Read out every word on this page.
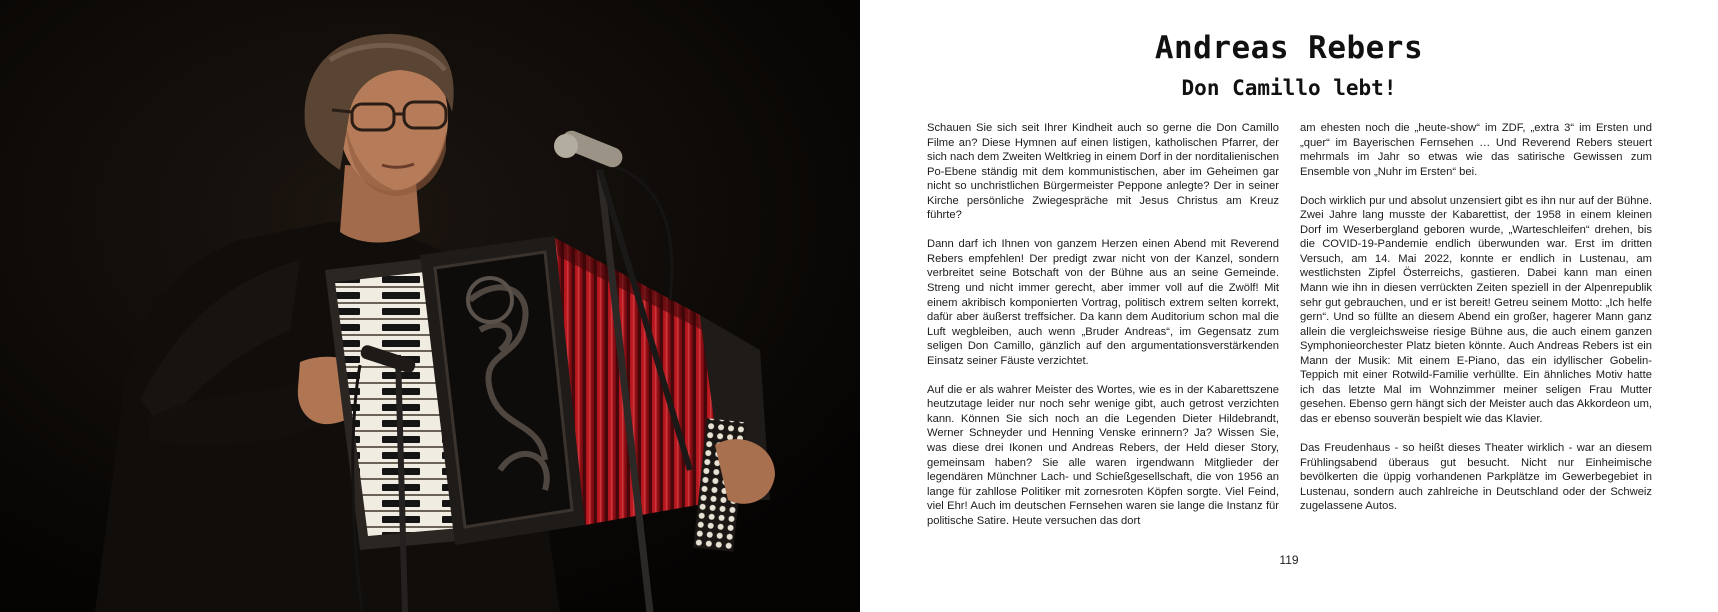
Andreas Rebers
Don Camillo lebt!

Schauen Sie sich seit Ihrer Kindheit auch so gerne die Don Camillo Filme an? Diese Hymnen auf einen listigen, katholischen Pfarrer, der sich nach dem Zweiten Weltkrieg in einem Dorf in der norditalienischen Po-Ebene ständig mit dem kommunistischen, aber im Geheimen gar nicht so unchristlichen Bürgermeister Peppone anlegte? Der in seiner Kirche persönliche Zwiegespräche mit Jesus Christus am Kreuz führte?

Dann darf ich Ihnen von ganzem Herzen einen Abend mit Reverend Rebers empfehlen! Der predigt zwar nicht von der Kanzel, sondern verbreitet seine Botschaft von der Bühne aus an seine Gemeinde. Streng und nicht immer gerecht, aber immer voll auf die Zwölf! Mit einem akribisch komponierten Vortrag, politisch extrem selten korrekt, dafür aber äußerst treffsicher. Da kann dem Auditorium schon mal die Luft wegbleiben, auch wenn „Bruder Andreas“, im Gegensatz zum seligen Don Camillo, gänzlich auf den argumentationsverstärkenden Einsatz seiner Fäuste verzichtet.

Auf die er als wahrer Meister des Wortes, wie es in der Kabarettszene heutzutage leider nur noch sehr wenige gibt, auch getrost verzichten kann. Können Sie sich noch an die Legenden Dieter Hildebrandt, Werner Schneyder und Henning Venske erinnern? Ja? Wissen Sie, was diese drei Ikonen und Andreas Rebers, der Held dieser Story, gemeinsam haben? Sie alle waren irgendwann Mitglieder der legendären Münchner Lach- und Schießgesellschaft, die von 1956 an lange für zahllose Politiker mit zornesroten Köpfen sorgte. Viel Feind, viel Ehr! Auch im deutschen Fernsehen waren sie lange die Instanz für politische Satire. Heute versuchen das dort

am ehesten noch die „heute-show“ im ZDF, „extra 3“ im Ersten und „quer“ im Bayerischen Fernsehen … Und Reverend Rebers steuert mehrmals im Jahr so etwas wie das satirische Gewissen zum Ensemble von „Nuhr im Ersten“ bei.

Doch wirklich pur und absolut unzensiert gibt es ihn nur auf der Bühne. Zwei Jahre lang musste der Kabarettist, der 1958 in einem kleinen Dorf im Weserbergland geboren wurde, „Warteschleifen“ drehen, bis die COVID-19-Pandemie endlich überwunden war. Erst im dritten Versuch, am 14. Mai 2022, konnte er endlich in Lustenau, am westlichsten Zipfel Österreichs, gastieren. Dabei kann man einen Mann wie ihn in diesen verrückten Zeiten speziell in der Alpenrepublik sehr gut gebrauchen, und er ist bereit! Getreu seinem Motto: „Ich helfe gern“. Und so füllte an diesem Abend ein großer, hagerer Mann ganz allein die vergleichsweise riesige Bühne aus, die auch einem ganzen Symphonieorchester Platz bieten könnte. Auch Andreas Rebers ist ein Mann der Musik: Mit einem E-Piano, das ein idyllischer Gobelin-Teppich mit einer Rotwild-Familie verhüllte. Ein ähnliches Motiv hatte ich das letzte Mal im Wohnzimmer meiner seligen Frau Mutter gesehen. Ebenso gern hängt sich der Meister auch das Akkordeon um, das er ebenso souverän bespielt wie das Klavier.

Das Freudenhaus - so heißt dieses Theater wirklich - war an diesem Frühlingsabend überaus gut besucht. Nicht nur Einheimische bevölkerten die üppig vorhandenen Parkplätze im Gewerbegebiet in Lustenau, sondern auch zahlreiche in Deutschland oder der Schweiz zugelassene Autos.

119
